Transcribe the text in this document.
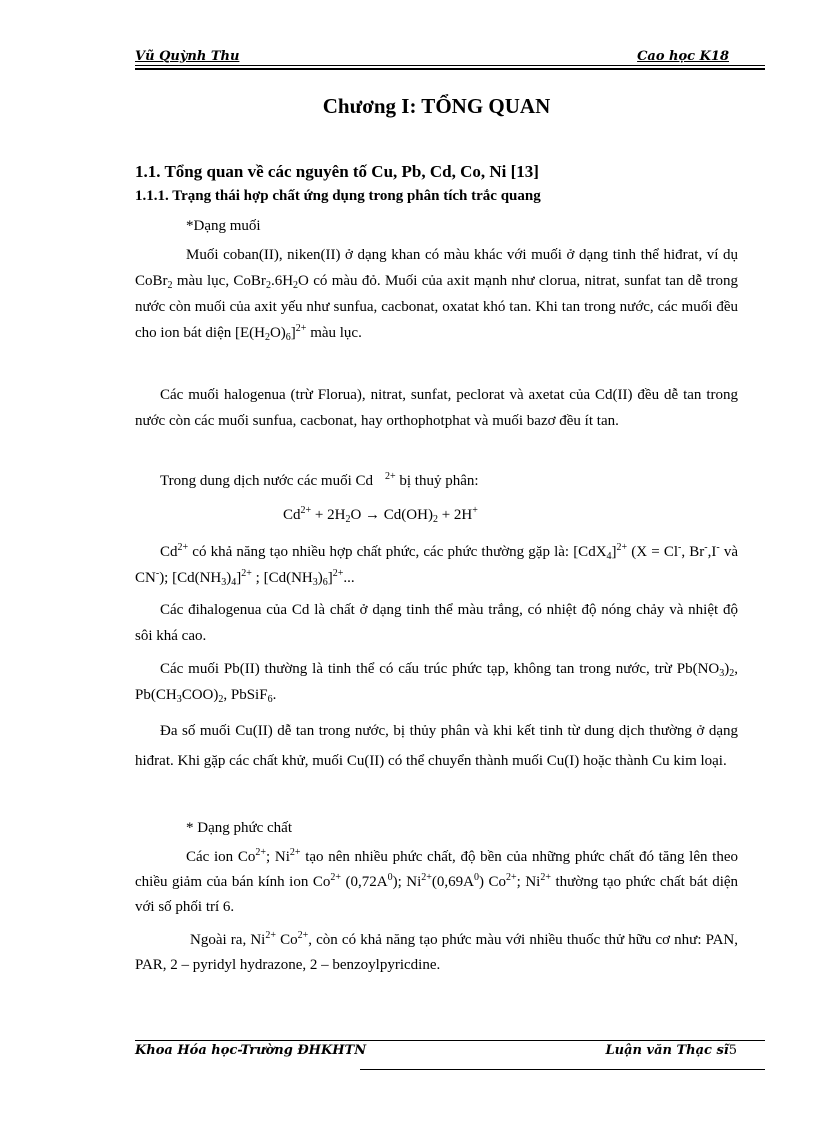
Vũ Quỳnh Thu	Cao học K18
Chương I: TỔNG QUAN
1.1. Tổng quan về các nguyên tố Cu, Pb, Cd, Co, Ni [13]
1.1.1. Trạng thái hợp chất ứng dụng trong phân tích trắc quang
*Dạng muối
Muối coban(II), niken(II) ở dạng khan có màu khác với muối ở dạng tinh thể hiđrat, ví dụ CoBr$_2$ màu lục, $CoBr_2.6H_2O$ có màu đỏ. Muối của axit mạnh như clorua, nitrat, sunfat tan dễ trong nước còn muối của axit yếu như sunfua, cacbonat, oxatat khó tan. Khi tan trong nước, các muối đều cho ion bát diện $[E(H_2O)_6]^{2+}$ màu lục.
Các muối halogenua (trừ Florua), nitrat, sunfat, peclorat và axetat của Cd(II) đều dễ tan trong nước còn các muối sunfua, cacbonat, hay orthophotphat và muối bazơ đều ít tan.
Trong dung dịch nước các muối Cd $^{2+}$ bị thuỷ phân:
$Cd^{2+} + 2H_2O \to Cd(OH)_2 + 2H^+$
$Cd^{2+}$ có khả năng tạo nhiều hợp chất phức, các phức thường gặp là: $[CdX_4]^{2+}$ (X = Cl-, Br-,I- và CN-); $[Cd(NH_3)_4]^{2+}$ ; $[Cd(NH_3)_6]^{2+}$...
Các đihalogenua của Cd là chất ở dạng tinh thể màu trắng, có nhiệt độ nóng chảy và nhiệt độ sôi khá cao.
Các muối Pb(II) thường là tinh thể có cấu trúc phức tạp, không tan trong nước, trừ $Pb(NO_3)_2$, $Pb(CH_3COO)_2$, PbSiF$_6$.
Đa số muối Cu(II) dễ tan trong nước, bị thủy phân và khi kết tinh từ dung dịch thường ở dạng hiđrat. Khi gặp các chất khử, muối Cu(II) có thể chuyển thành muối Cu(I) hoặc thành Cu kim loại.
* Dạng phức chất
Các ion $Co^{2+}$; $Ni^{2+}$ tạo nên nhiều phức chất, độ bền của những phức chất đó tăng lên theo chiều giảm của bán kính ion $Co^{2+}$ $(0,72A^0)$; $Ni^{2+}(0,69A^0)$ $Co^{2+}$; $Ni^{2+}$ thường tạo phức chất bát diện với số phối trí 6.
Ngoài ra, $Ni^{2+}$ $Co^{2+}$, còn có khả năng tạo phức màu với nhiều thuốc thử hữu cơ như: PAN, PAR, 2 – pyridyl hydrazone, 2 – benzoylpyricdine.
Khoa Hóa học-Trường ĐHKHTN	Luận văn Thạc sĩ5
